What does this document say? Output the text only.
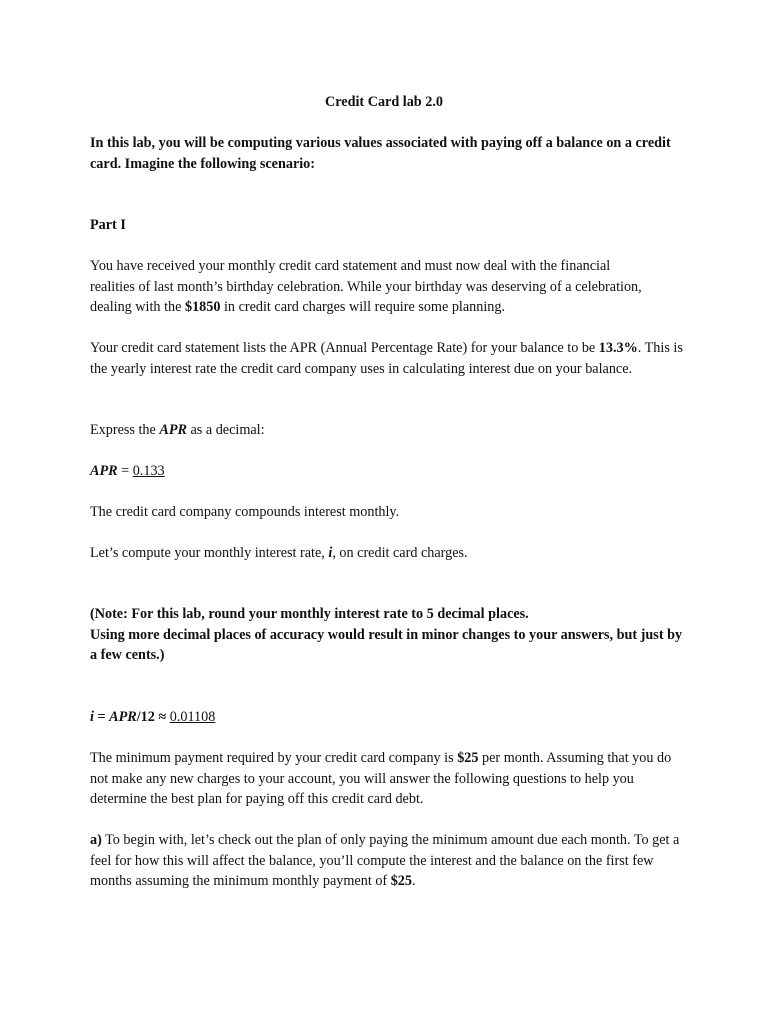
Credit Card lab 2.0

In this lab, you will be computing various values associated with paying off a balance on a credit card. Imagine the following scenario:

Part I

You have received your monthly credit card statement and must now deal with the financial
realities of last month’s birthday celebration. While your birthday was deserving of a celebration,
dealing with the $1850 in credit card charges will require some planning.

Your credit card statement lists the APR (Annual Percentage Rate) for your balance to be 13.3%. This is the yearly interest rate the credit card company uses in calculating interest due on your balance.

Express the APR as a decimal:

APR = 0.133

The credit card company compounds interest monthly.

Let’s compute your monthly interest rate, i, on credit card charges.

(Note: For this lab, round your monthly interest rate to 5 decimal places.
Using more decimal places of accuracy would result in minor changes to your answers, but just by a few cents.)

i = APR/12 ≈ 0.01108

The minimum payment required by your credit card company is $25 per month. Assuming that you do not make any new charges to your account, you will answer the following questions to help you determine the best plan for paying off this credit card debt.

a) To begin with, let’s check out the plan of only paying the minimum amount due each month. To get a feel for how this will affect the balance, you’ll compute the interest and the balance on the first few months assuming the minimum monthly payment of $25.
